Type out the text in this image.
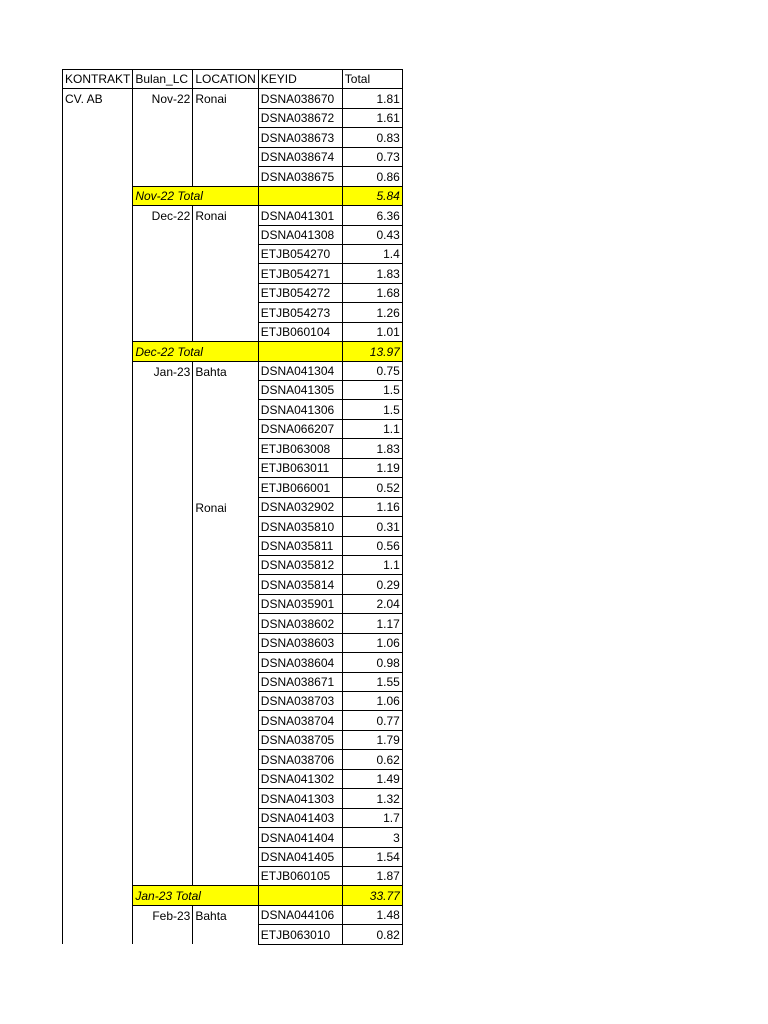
KONTRAKT	Bulan_LC	LOCATION	KEYID	Total
CV. AB	Nov-22	Ronai	DSNA038670	1.81
			DSNA038672	1.61
			DSNA038673	0.83
			DSNA038674	0.73
			DSNA038675	0.86
	Nov-22 Total			5.84
	Dec-22	Ronai	DSNA041301	6.36
			DSNA041308	0.43
			ETJB054270	1.4
			ETJB054271	1.83
			ETJB054272	1.68
			ETJB054273	1.26
			ETJB060104	1.01
	Dec-22 Total			13.97
	Jan-23	Bahta	DSNA041304	0.75
			DSNA041305	1.5
			DSNA041306	1.5
			DSNA066207	1.1
			ETJB063008	1.83
			ETJB063011	1.19
			ETJB066001	0.52
		Ronai	DSNA032902	1.16
			DSNA035810	0.31
			DSNA035811	0.56
			DSNA035812	1.1
			DSNA035814	0.29
			DSNA035901	2.04
			DSNA038602	1.17
			DSNA038603	1.06
			DSNA038604	0.98
			DSNA038671	1.55
			DSNA038703	1.06
			DSNA038704	0.77
			DSNA038705	1.79
			DSNA038706	0.62
			DSNA041302	1.49
			DSNA041303	1.32
			DSNA041403	1.7
			DSNA041404	3
			DSNA041405	1.54
			ETJB060105	1.87
	Jan-23 Total			33.77
	Feb-23	Bahta	DSNA044106	1.48
			ETJB063010	0.82
